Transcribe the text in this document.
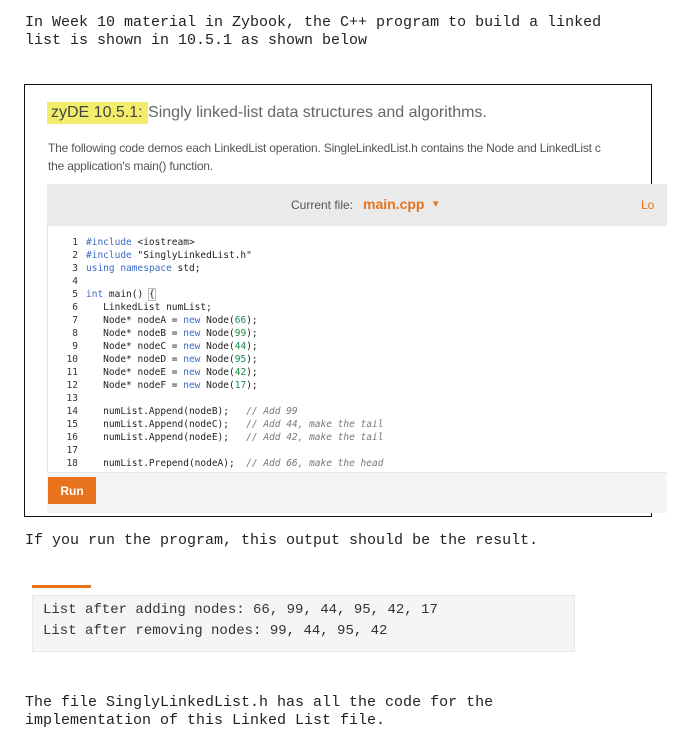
In Week 10 material in Zybook, the C++ program to build a linked
list is shown in 10.5.1 as shown below
zyDE 10.5.1: Singly linked-list data structures and algorithms.
The following code demos each LinkedList operation. SingleLinkedList.h contains the Node and LinkedList c
the application's main() function.
Current file: main.cpp ▾	Lo
1 #include <iostream>
2 #include "SinglyLinkedList.h"
3 using namespace std;
4
5 int main() {
6   LinkedList numList;
7   Node* nodeA = new Node(66);
8   Node* nodeB = new Node(99);
9   Node* nodeC = new Node(44);
10   Node* nodeD = new Node(95);
11   Node* nodeE = new Node(42);
12   Node* nodeF = new Node(17);
13
14   numList.Append(nodeB);   // Add 99
15   numList.Append(nodeC);   // Add 44, make the tail
16   numList.Append(nodeE);   // Add 42, make the tail
17
18   numList.Prepend(nodeA);  // Add 66, make the head
Run
If you run the program, this output should be the result.
List after adding nodes: 66, 99, 44, 95, 42, 17
List after removing nodes: 99, 44, 95, 42
The file SinglyLinkedList.h has all the code for the
implementation of this Linked List file.
